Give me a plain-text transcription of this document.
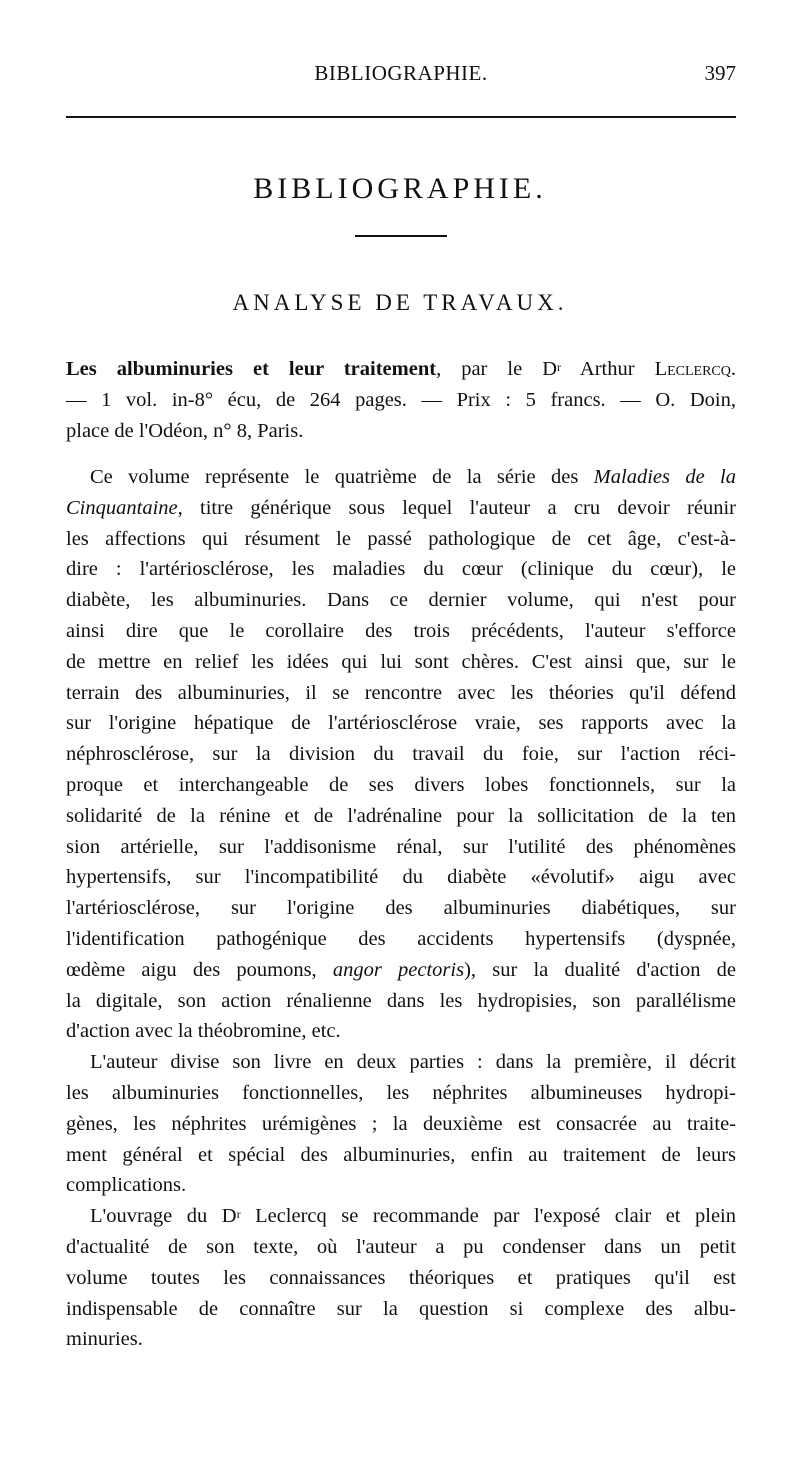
BIBLIOGRAPHIE.	397
BIBLIOGRAPHIE.
ANALYSE DE TRAVAUX.
Les albuminuries et leur traitement, par le $D^r$ Arthur Leclercq.
— 1 vol. in-8° écu, de 264 pages. — Prix : 5 francs. — O. Doin,
place de l'Odéon, n° 8, Paris.
Ce volume représente le quatrième de la série des Maladies de la
Cinquantaine, titre générique sous lequel l'auteur a cru devoir réunir
les affections qui résument le passé pathologique de cet âge, c'est-à-
dire : l'artériosclérose, les maladies du cœur (clinique du cœur), le
diabète, les albuminuries. Dans ce dernier volume, qui n'est pour
ainsi dire que le corollaire des trois précédents, l'auteur s'efforce
de mettre en relief les idées qui lui sont chères. C'est ainsi que, sur le
terrain des albuminuries, il se rencontre avec les théories qu'il défend
sur l'origine hépatique de l'artériosclérose vraie, ses rapports avec la
néphrosclérose, sur la division du travail du foie, sur l'action réci-
proque et interchangeable de ses divers lobes fonctionnels, sur la
solidarité de la rénine et de l'adrénaline pour la sollicitation de la ten
sion artérielle, sur l'addisonisme rénal, sur l'utilité des phénomènes
hypertensifs, sur l'incompatibilité du diabète «évolutif» aigu avec
l'artériosclérose, sur l'origine des albuminuries diabétiques, sur
l'identification pathogénique des accidents hypertensifs (dyspnée,
œdème aigu des poumons, angor pectoris), sur la dualité d'action de
la digitale, son action rénalienne dans les hydropisies, son parallélisme
d'action avec la théobromine, etc.
L'auteur divise son livre en deux parties : dans la première, il décrit
les albuminuries fonctionnelles, les néphrites albumineuses hydropi-
gènes, les néphrites urémigènes ; la deuxième est consacrée au traite-
ment général et spécial des albuminuries, enfin au traitement de leurs
complications.
L'ouvrage du $D^r$ Leclercq se recommande par l'exposé clair et plein
d'actualité de son texte, où l'auteur a pu condenser dans un petit
volume toutes les connaissances théoriques et pratiques qu'il est
indispensable de connaître sur la question si complexe des albu-
minuries.
